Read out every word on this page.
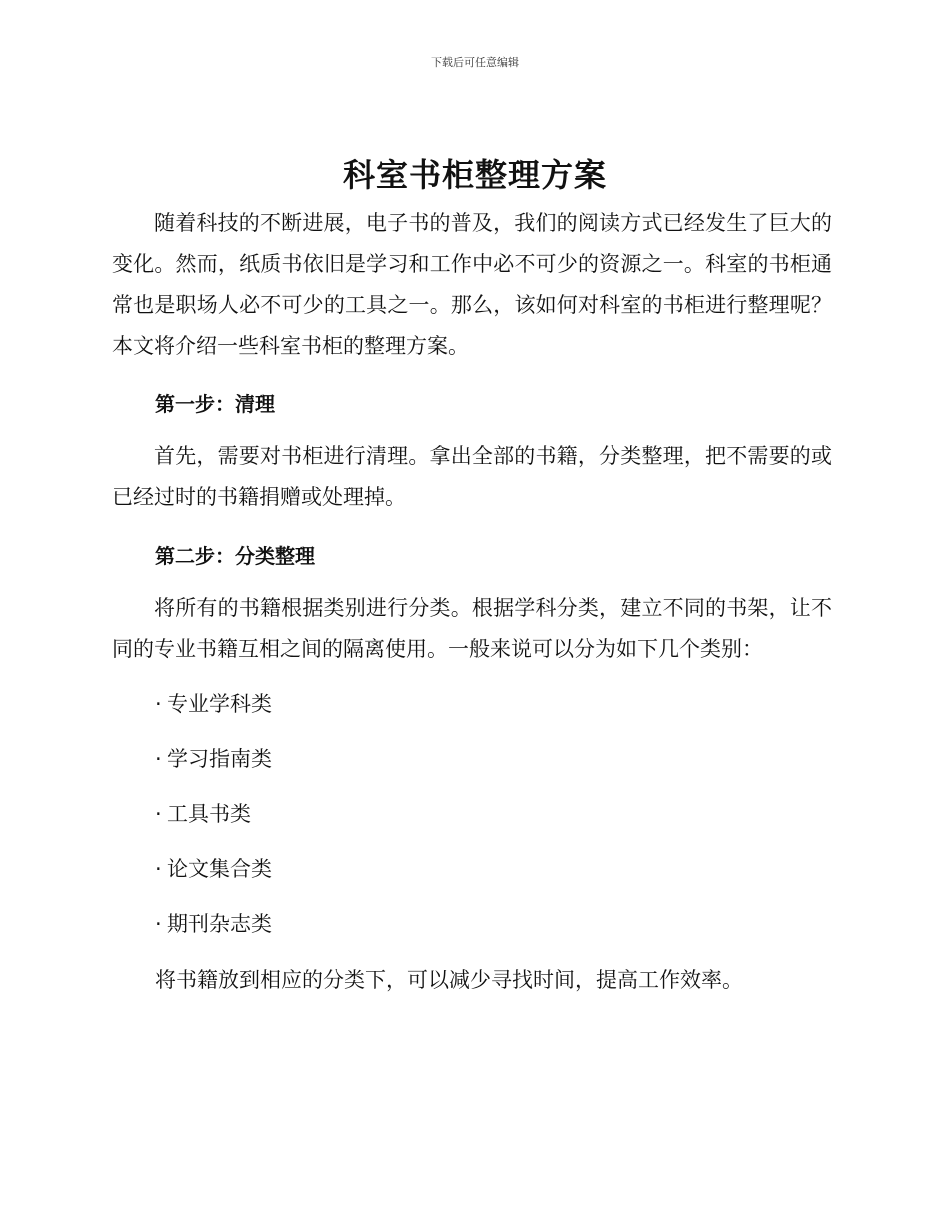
下载后可任意编辑
科室书柜整理方案

随着科技的不断进展，电子书的普及，我们的阅读方式已经发生了巨大的变化。然而，纸质书依旧是学习和工作中必不可少的资源之一。科室的书柜通常也是职场人必不可少的工具之一。那么，该如何对科室的书柜进行整理呢？本文将介绍一些科室书柜的整理方案。

第一步：清理

首先，需要对书柜进行清理。拿出全部的书籍，分类整理，把不需要的或已经过时的书籍捐赠或处理掉。

第二步：分类整理

将所有的书籍根据类别进行分类。根据学科分类，建立不同的书架，让不同的专业书籍互相之间的隔离使用。一般来说可以分为如下几个类别：

· 专业学科类
· 学习指南类
· 工具书类
· 论文集合类
· 期刊杂志类

将书籍放到相应的分类下，可以减少寻找时间，提高工作效率。
